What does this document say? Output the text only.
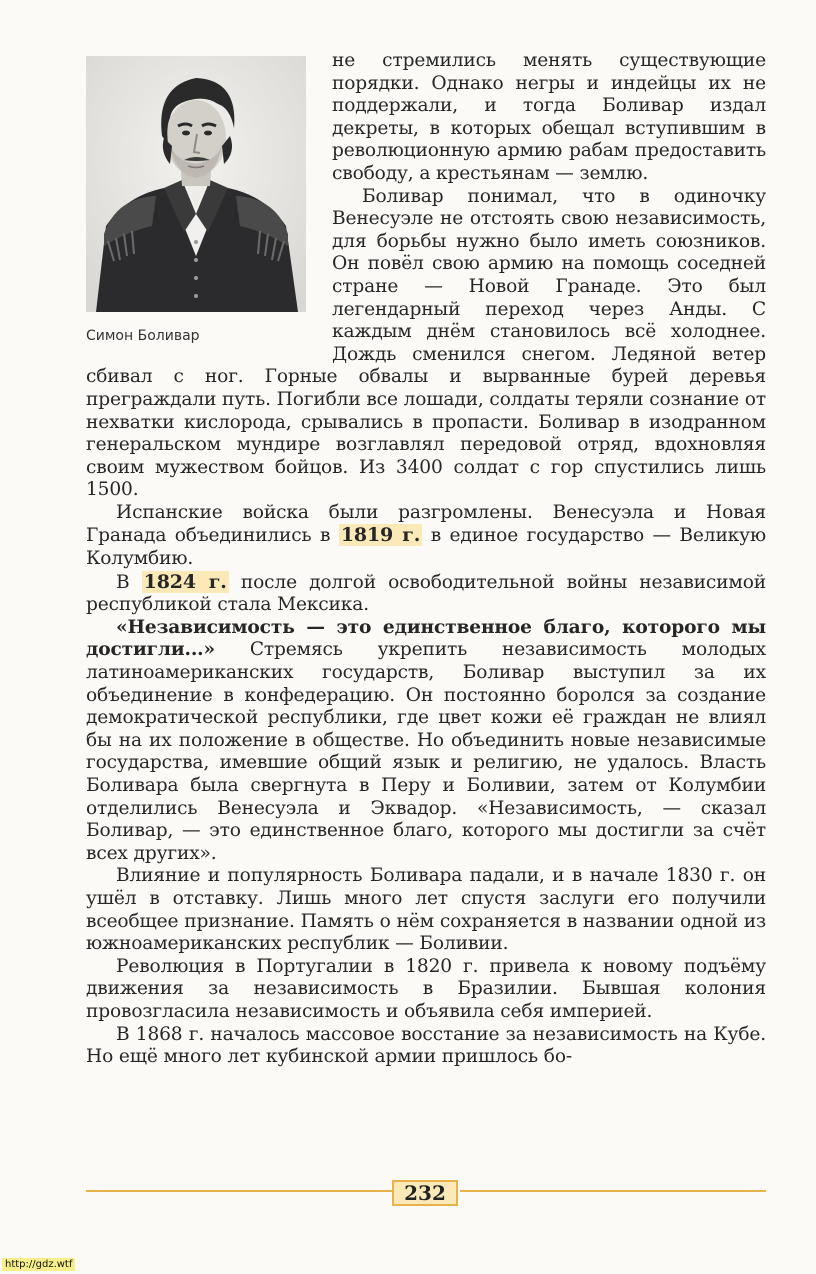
Симон Боливар

не стремились менять существующие порядки. Однако негры и индейцы их не поддержали, и тогда Боливар издал декреты, в которых обещал вступившим в революционную армию рабам предоставить свободу, а крестьянам — землю.

Боливар понимал, что в одиночку Венесуэле не отстоять свою независимость, для борьбы нужно было иметь союзников. Он повёл свою армию на помощь соседней стране — Новой Гранаде. Это был легендарный переход через Анды. С каждым днём становилось всё холоднее. Дождь сменился снегом. Ледяной ветер сбивал с ног. Горные обвалы и вырванные бурей деревья преграждали путь. Погибли все лошади, солдаты теряли сознание от нехватки кислорода, срывались в пропасти. Боливар в изодранном генеральском мундире возглавлял передовой отряд, вдохновляя своим мужеством бойцов. Из 3400 солдат с гор спустились лишь 1500.

Испанские войска были разгромлены. Венесуэла и Новая Гранада объединились в 1819 г. в единое государство — Великую Колумбию.

В 1824 г. после долгой освободительной войны независимой республикой стала Мексика.

«Независимость — это единственное благо, которого мы достигли...» Стремясь укрепить независимость молодых латиноамериканских государств, Боливар выступил за их объединение в конфедерацию. Он постоянно боролся за создание демократической республики, где цвет кожи её граждан не влиял бы на их положение в обществе. Но объединить новые независимые государства, имевшие общий язык и религию, не удалось. Власть Боливара была свергнута в Перу и Боливии, затем от Колумбии отделились Венесуэла и Эквадор. «Независимость, — сказал Боливар, — это единственное благо, которого мы достигли за счёт всех других».

Влияние и популярность Боливара падали, и в начале 1830 г. он ушёл в отставку. Лишь много лет спустя заслуги его получили всеобщее признание. Память о нём сохраняется в названии одной из южноамериканских республик — Боливии.

Революция в Португалии в 1820 г. привела к новому подъёму движения за независимость в Бразилии. Бывшая колония провозгласила независимость и объявила себя империей.

В 1868 г. началось массовое восстание за независимость на Кубе. Но ещё много лет кубинской армии пришлось бо-

232
http://gdz.wtf
